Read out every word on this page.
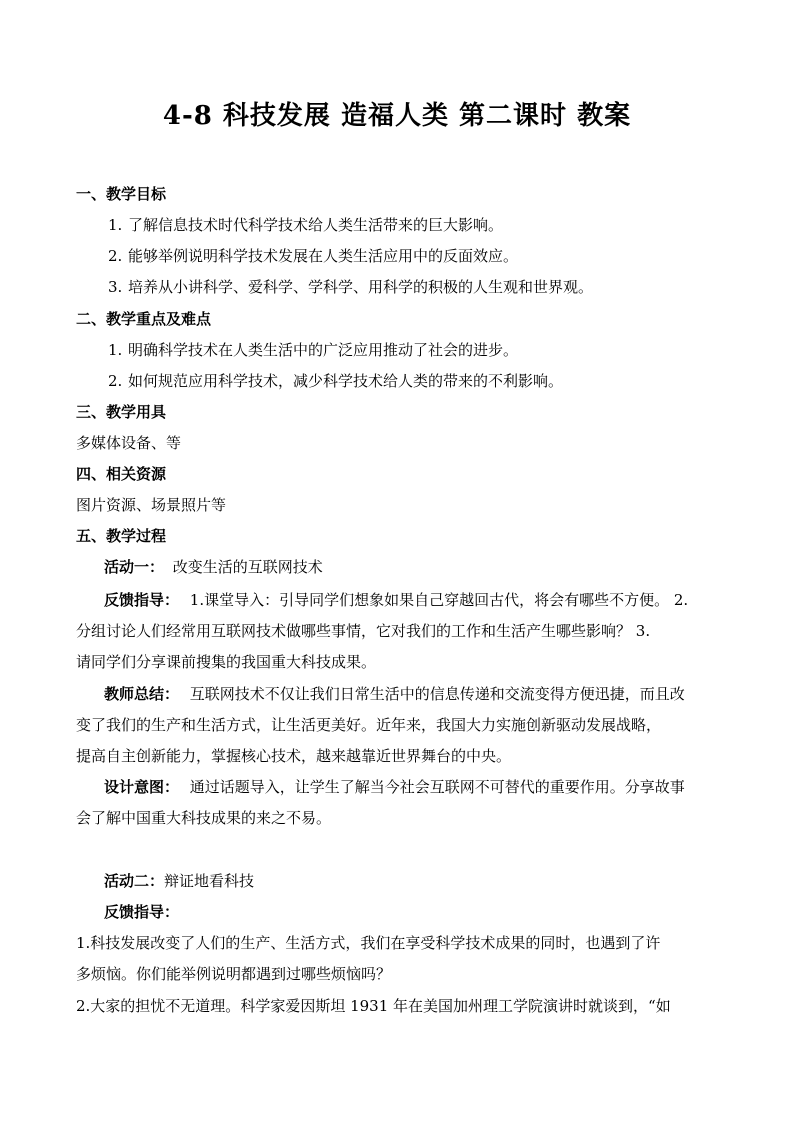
4-8 科技发展 造福人类 第二课时 教案
一、教学目标
1. 了解信息技术时代科学技术给人类生活带来的巨大影响。
2. 能够举例说明科学技术发展在人类生活应用中的反面效应。
3. 培养从小讲科学、爱科学、学科学、用科学的积极的人生观和世界观。
二、教学重点及难点
1. 明确科学技术在人类生活中的广泛应用推动了社会的进步。
2. 如何规范应用科学技术，减少科学技术给人类的带来的不利影响。
三、教学用具
多媒体设备、等
四、相关资源
图片资源、场景照片等
五、教学过程
活动一： 改变生活的互联网技术
反馈指导： 1.课堂导入：引导同学们想象如果自己穿越回古代，将会有哪些不方便。 2.
分组讨论人们经常用互联网技术做哪些事情，它对我们的工作和生活产生哪些影响？ 3.
请同学们分享课前搜集的我国重大科技成果。
教师总结： 互联网技术不仅让我们日常生活中的信息传递和交流变得方便迅捷，而且改
变了我们的生产和生活方式，让生活更美好。近年来，我国大力实施创新驱动发展战略，
提高自主创新能力，掌握核心技术，越来越靠近世界舞台的中央。
设计意图： 通过话题导入，让学生了解当今社会互联网不可替代的重要作用。分享故事
会了解中国重大科技成果的来之不易。
活动二：辩证地看科技
反馈指导：
1.科技发展改变了人们的生产、生活方式，我们在享受科学技术成果的同时，也遇到了许
多烦恼。你们能举例说明都遇到过哪些烦恼吗？
2.大家的担忧不无道理。科学家爱因斯坦 1931 年在美国加州理工学院演讲时就谈到，“如
